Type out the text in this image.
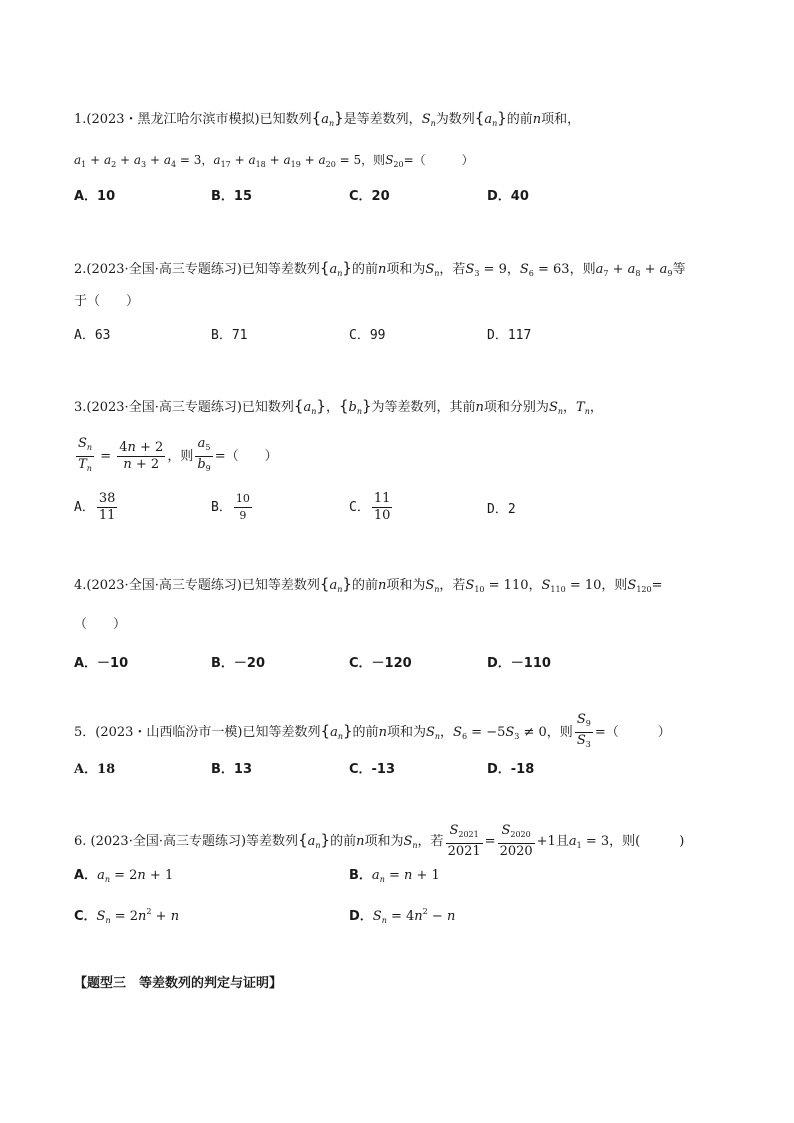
1.(2023・黑龙江哈尔滨市模拟)已知数列$\{a_n\}$是等差数列，$S_n$为数列$\{a_n\}$的前n项和，
$a_1 + a_2 + a_3 + a_4 = 3$，$a_{17} + a_{18} + a_{19} + a_{20} = 5$，则$S_{20}=$（　　　）
A．10	B．15	C．20	D．40
2.(2023·全国·高三专题练习)已知等差数列$\{a_n\}$的前n项和为$S_n$，若$S_3 = 9$，$S_6 = 63$，则$a_7 + a_8 + a_9$等
于（　　）
A．63	B．71	C．99	D．117
3.(2023·全国·高三专题练习)已知数列$\{a_n\}$，$\{b_n\}$为等差数列，其前n项和分别为$S_n$，$T_n$，
$\frac{S_n}{T_n} = \frac{4n + 2}{n + 2}$ ，则 $\frac{a_5}{b_9}$ =（　　）
A． $\frac{38}{11}$	B． $\frac{10}{9}$	C． $\frac{11}{10}$	D．2
4.(2023·全国·高三专题练习)已知等差数列$\{a_n\}$的前n项和为$S_n$，若$S_{10} = 110$，$S_{110} = 10$，则$S_{120}=$
（　　）
A．－10	B．－20	C．－120	D．－110
5．(2023・山西临汾市一模)已知等差数列$\{a_n\}$的前n项和为$S_n$，$S_6 = -5S_3 \ne 0$，则 $\frac{S_9}{S_3}$ =（　　　）
A．18	B．13	C．-13	D．-18
6. (2023·全国·高三专题练习)等差数列$\{a_n\}$的前n项和为$S_n$，若 $\frac{S_{2021}}{2021} = \frac{S_{2020}}{2020} +1$且$a_1 = 3$，则(　　　)
A．$a_n = 2n + 1$	B．$a_n = n + 1$
C．$S_n = 2n^2 + n$	D．$S_n = 4n^2 - n$
【题型三　等差数列的判定与证明】
